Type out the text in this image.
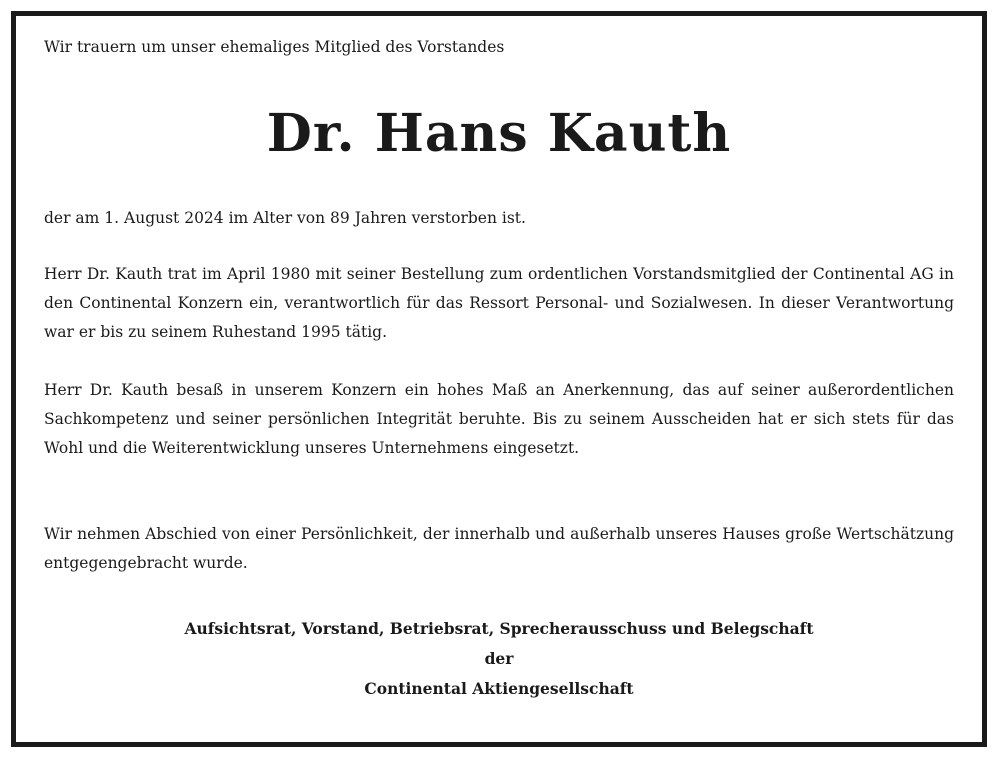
Wir trauern um unser ehemaliges Mitglied des Vorstandes
Dr. Hans Kauth

der am 1. August 2024 im Alter von 89 Jahren verstorben ist.

Herr Dr. Kauth trat im April 1980 mit seiner Bestellung zum ordentlichen Vorstandsmitglied der Continental AG in den Continental Konzern ein, verantwortlich für das Ressort Personal- und Sozialwesen. In dieser Verantwortung war er bis zu seinem Ruhestand 1995 tätig.

Herr Dr. Kauth besaß in unserem Konzern ein hohes Maß an Anerkennung, das auf seiner außerordentlichen Sachkompetenz und seiner persönlichen Integrität beruhte. Bis zu seinem Ausscheiden hat er sich stets für das Wohl und die Weiterentwicklung unseres Unternehmens eingesetzt.

Wir nehmen Abschied von einer Persönlichkeit, der innerhalb und außerhalb unseres Hauses große Wertschätzung entgegengebracht wurde.

Aufsichtsrat, Vorstand, Betriebsrat, Sprecherausschuss und Belegschaft
der
Continental Aktiengesellschaft
